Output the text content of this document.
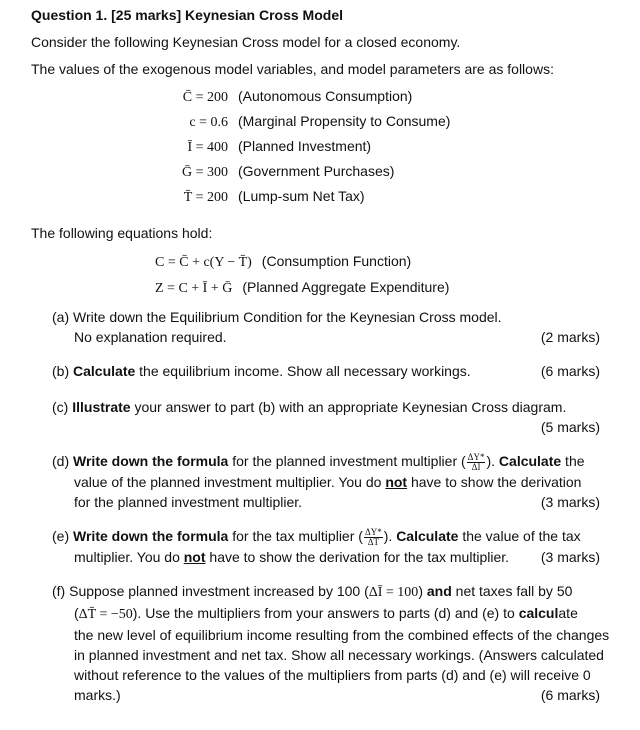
Question 1. [25 marks] Keynesian Cross Model
Consider the following Keynesian Cross model for a closed economy.
The values of the exogenous model variables, and model parameters are as follows:
C̄ = 200 (Autonomous Consumption)
c = 0.6 (Marginal Propensity to Consume)
Ī = 400 (Planned Investment)
Ḡ = 300 (Government Purchases)
T̄ = 200 (Lump-sum Net Tax)
The following equations hold:
C = C̄ + c(Y − T̄) (Consumption Function)
Z = C + Ī + Ḡ (Planned Aggregate Expenditure)
(a) Write down the Equilibrium Condition for the Keynesian Cross model.
No explanation required.	(2 marks)
(b) Calculate the equilibrium income. Show all necessary workings.	(6 marks)
(c) Illustrate your answer to part (b) with an appropriate Keynesian Cross diagram.
(5 marks)
(d) Write down the formula for the planned investment multiplier ( $\frac{\Delta Y*}{\Delta Ī}$ ). Calculate the
value of the planned investment multiplier. You do not have to show the derivation
for the planned investment multiplier.	(3 marks)
(e) Write down the formula for the tax multiplier ( $\frac{\Delta Y*}{\Delta T̄}$ ). Calculate the value of the tax
multiplier. You do not have to show the derivation for the tax multiplier. (3 marks)
(f) Suppose planned investment increased by 100 (ΔĪ = 100) and net taxes fall by 50
(ΔT̄ = −50). Use the multipliers from your answers to parts (d) and (e) to calculate
the new level of equilibrium income resulting from the combined effects of the changes
in planned investment and net tax. Show all necessary workings. (Answers calculated
without reference to the values of the multipliers from parts (d) and (e) will receive 0
marks.)	(6 marks)
